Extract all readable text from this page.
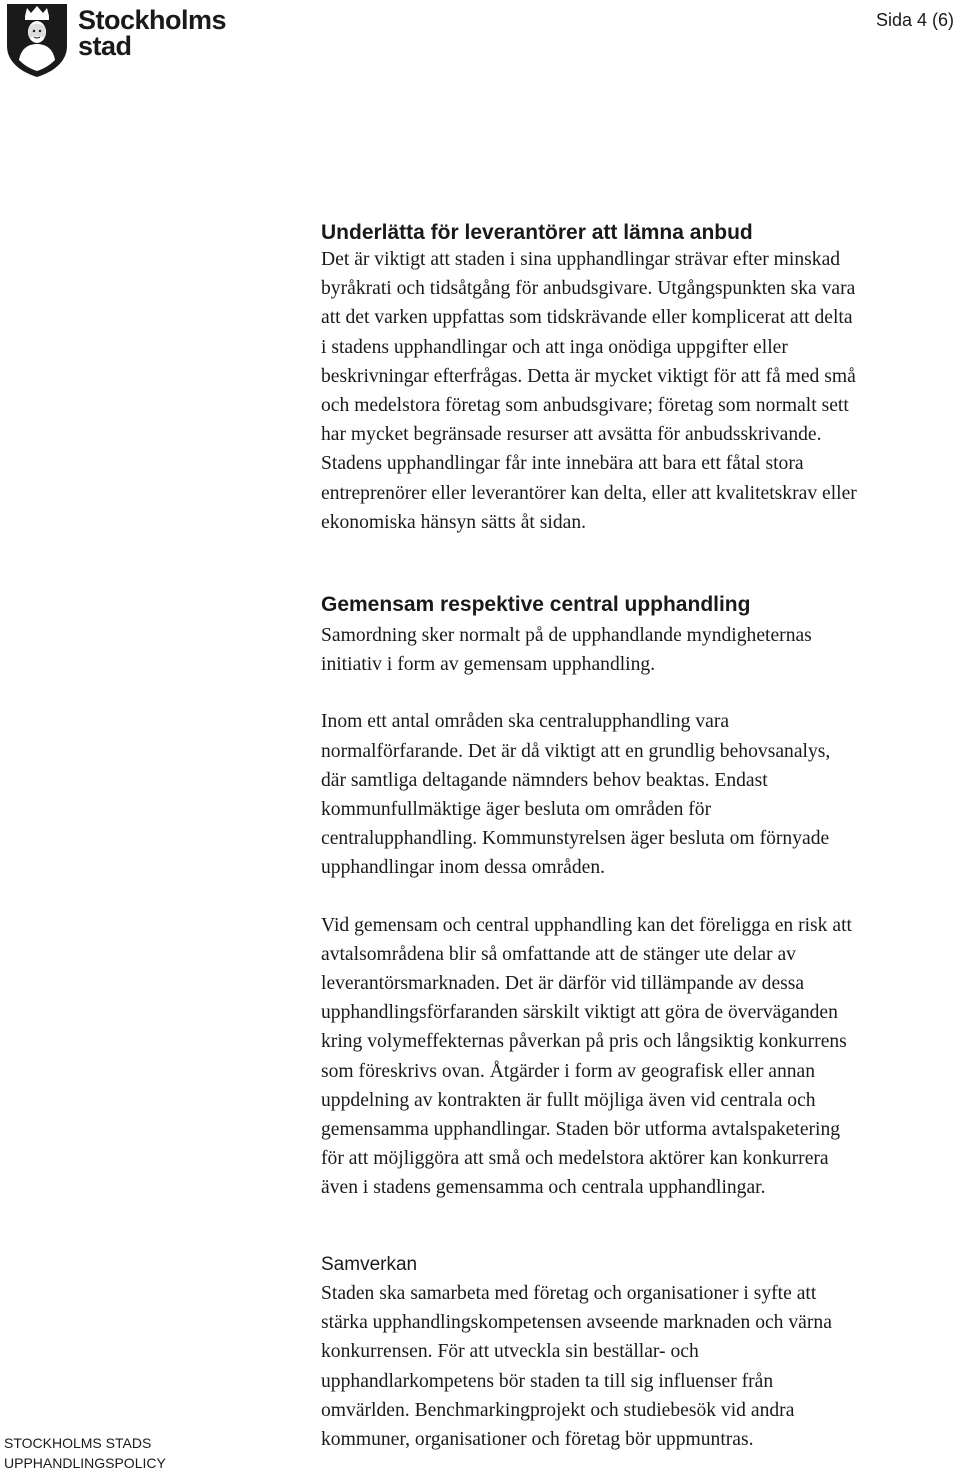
Stockholms
stad
Sida 4 (6)
Underlätta för leverantörer att lämna anbud
Det är viktigt att staden i sina upphandlingar strävar efter minskad
byråkrati och tidsåtgång för anbudsgivare. Utgångspunkten ska vara
att det varken uppfattas som tidskrävande eller komplicerat att delta
i stadens upphandlingar och att inga onödiga uppgifter eller
beskrivningar efterfrågas. Detta är mycket viktigt för att få med små
och medelstora företag som anbudsgivare; företag som normalt sett
har mycket begränsade resurser att avsätta för anbudsskrivande.
Stadens upphandlingar får inte innebära att bara ett fåtal stora
entreprenörer eller leverantörer kan delta, eller att kvalitetskrav eller
ekonomiska hänsyn sätts åt sidan.
Gemensam respektive central upphandling
Samordning sker normalt på de upphandlande myndigheternas
initiativ i form av gemensam upphandling.
Inom ett antal områden ska centralupphandling vara
normalförfarande. Det är då viktigt att en grundlig behovsanalys,
där samtliga deltagande nämnders behov beaktas. Endast
kommunfullmäktige äger besluta om områden för
centralupphandling. Kommunstyrelsen äger besluta om förnyade
upphandlingar inom dessa områden.
Vid gemensam och central upphandling kan det föreligga en risk att
avtalsområdena blir så omfattande att de stänger ute delar av
leverantörsmarknaden. Det är därför vid tillämpande av dessa
upphandlingsförfaranden särskilt viktigt att göra de överväganden
kring volymeffekternas påverkan på pris och långsiktig konkurrens
som föreskrivs ovan. Åtgärder i form av geografisk eller annan
uppdelning av kontrakten är fullt möjliga även vid centrala och
gemensamma upphandlingar. Staden bör utforma avtalspaketering
för att möjliggöra att små och medelstora aktörer kan konkurrera
även i stadens gemensamma och centrala upphandlingar.
Samverkan
Staden ska samarbeta med företag och organisationer i syfte att
stärka upphandlingskompetensen avseende marknaden och värna
konkurrensen. För att utveckla sin beställar- och
upphandlarkompetens bör staden ta till sig influenser från
omvärlden. Benchmarkingprojekt och studiebesök vid andra
kommuner, organisationer och företag bör uppmuntras.
STOCKHOLMS STADS
UPPHANDLINGSPOLICY
